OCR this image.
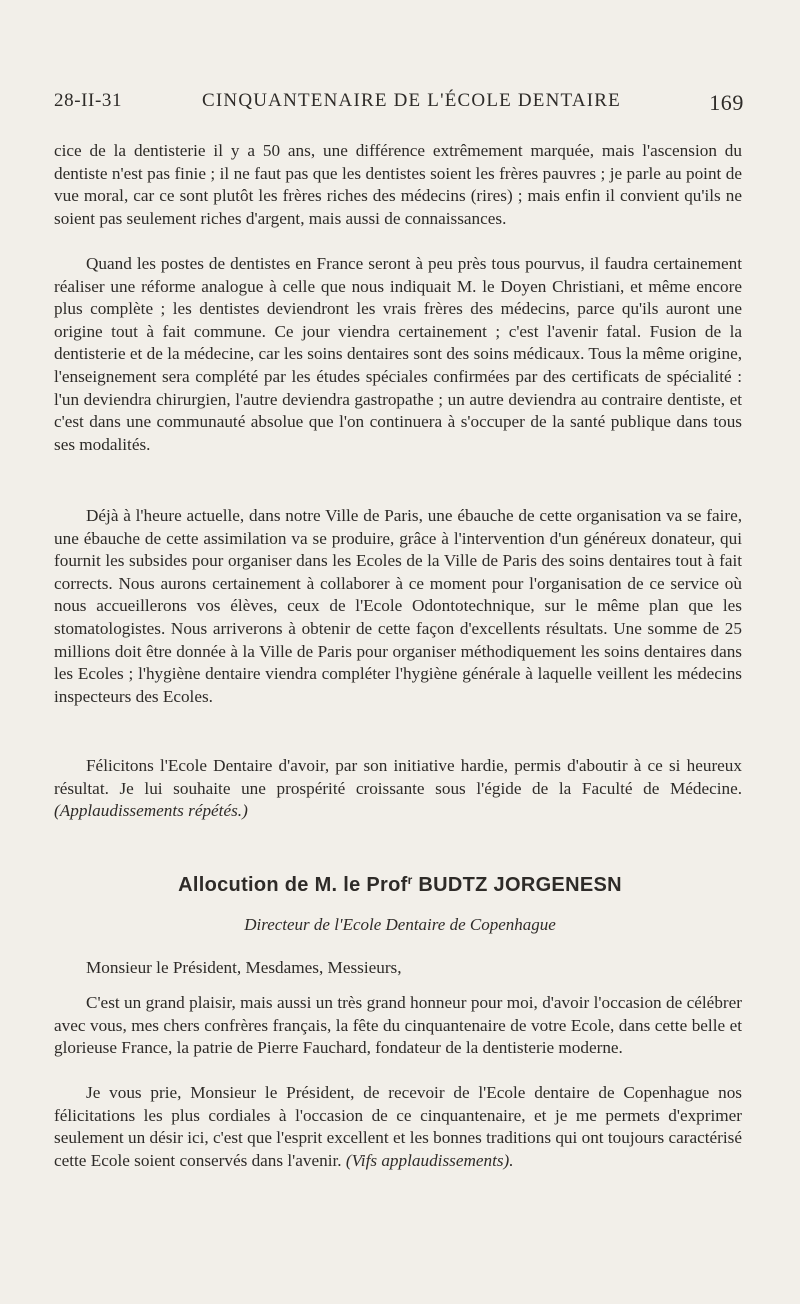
28-II-31	CINQUANTENAIRE DE L'ÉCOLE DENTAIRE	169

cice de la dentisterie il y a 50 ans, une différence extrêmement marquée, mais l'ascension du dentiste n'est pas finie ; il ne faut pas que les dentistes soient les frères pauvres ; je parle au point de vue moral, car ce sont plutôt les frères riches des médecins (rires) ; mais enfin il convient qu'ils ne soient pas seulement riches d'argent, mais aussi de connaissances.

Quand les postes de dentistes en France seront à peu près tous pourvus, il faudra certainement réaliser une réforme analogue à celle que nous indiquait M. le Doyen Christiani, et même encore plus complète ; les dentistes deviendront les vrais frères des médecins, parce qu'ils auront une origine tout à fait commune. Ce jour viendra certainement ; c'est l'avenir fatal. Fusion de la dentisterie et de la médecine, car les soins dentaires sont des soins médicaux. Tous la même origine, l'enseignement sera complété par les études spéciales confirmées par des certificats de spécialité : l'un deviendra chirurgien, l'autre deviendra gastropathe ; un autre deviendra au contraire dentiste, et c'est dans une communauté absolue que l'on continuera à s'occuper de la santé publique dans tous ses modalités.

Déjà à l'heure actuelle, dans notre Ville de Paris, une ébauche de cette organisation va se faire, une ébauche de cette assimilation va se produire, grâce à l'intervention d'un généreux donateur, qui fournit les subsides pour organiser dans les Ecoles de la Ville de Paris des soins dentaires tout à fait corrects. Nous aurons certainement à collaborer à ce moment pour l'organisation de ce service où nous accueillerons vos élèves, ceux de l'Ecole Odontotechnique, sur le même plan que les stomatologistes. Nous arriverons à obtenir de cette façon d'excellents résultats. Une somme de 25 millions doit être donnée à la Ville de Paris pour organiser méthodiquement les soins dentaires dans les Ecoles ; l'hygiène dentaire viendra compléter l'hygiène générale à laquelle veillent les médecins inspecteurs des Ecoles.

Félicitons l'Ecole Dentaire d'avoir, par son initiative hardie, permis d'aboutir à ce si heureux résultat. Je lui souhaite une prospérité croissante sous l'égide de la Faculté de Médecine. (Applaudissements répétés.)

Allocution de M. le Prof$^r$ BUDTZ JORGENESN
Directeur de l'Ecole Dentaire de Copenhague
Monsieur le Président, Mesdames, Messieurs,

C'est un grand plaisir, mais aussi un très grand honneur pour moi, d'avoir l'occasion de célébrer avec vous, mes chers confrères français, la fête du cinquantenaire de votre Ecole, dans cette belle et glorieuse France, la patrie de Pierre Fauchard, fondateur de la dentisterie moderne.

Je vous prie, Monsieur le Président, de recevoir de l'Ecole dentaire de Copenhague nos félicitations les plus cordiales à l'occasion de ce cinquantenaire, et je me permets d'exprimer seulement un désir ici, c'est que l'esprit excellent et les bonnes traditions qui ont toujours caractérisé cette Ecole soient conservés dans l'avenir. (Vifs applaudissements).
